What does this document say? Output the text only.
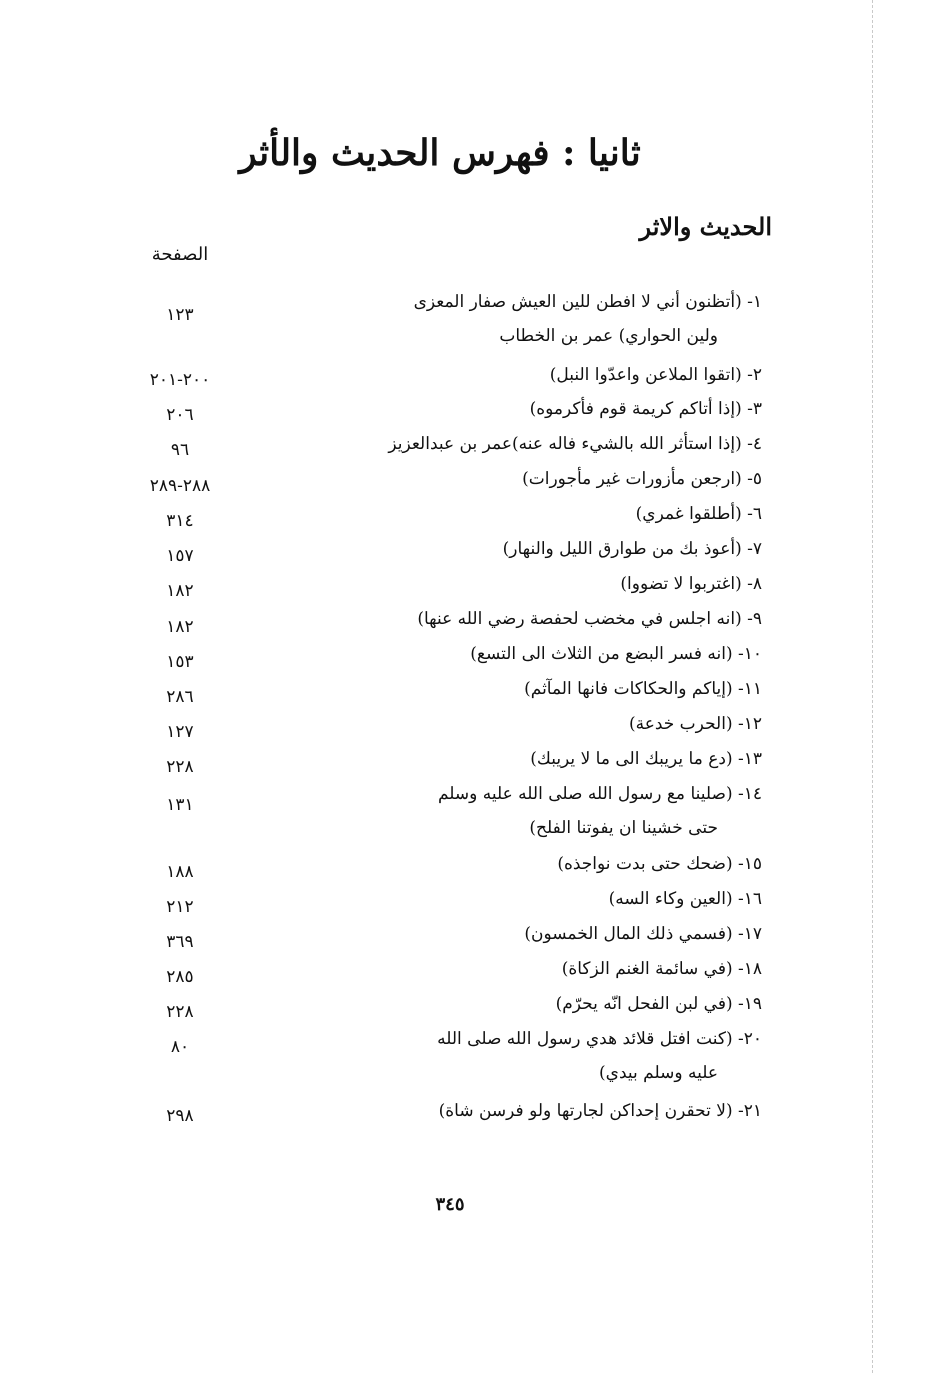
ثانيا : فهرس الحديث والأثر
الحديث والاثر
الصفحة
١- (أتظنون أني لا افطن للين العيش صفار المعزى
ولين الحواري) عمر بن الخطاب
١٢٣
٢- (اتقوا الملاعن واعدّوا النبل)
٢٠٠-٢٠١
٣- (إذا أتاكم كريمة قوم فأكرموه)
٢٠٦
٤- (إذا استأثر الله بالشيء فاله عنه)عمر بن عبدالعزيز
٩٦
٥- (ارجعن مأزورات غير مأجورات)
٢٨٨-٢٨٩
٦- (أطلقوا غمري)
٣١٤
٧- (أعوذ بك من طوارق الليل والنهار)
١٥٧
٨- (اغتربوا لا تضووا)
١٨٢
٩- (انه اجلس في مخضب لحفصة رضي الله عنها)
١٨٢
١٠- (انه فسر البضع من الثلاث الى التسع)
١٥٣
١١- (إياكم والحكاكات فانها المآثم)
٢٨٦
١٢- (الحرب خدعة)
١٢٧
١٣- (دع ما يريبك الى ما لا يريبك)
٢٢٨
١٤- (صلينا مع رسول الله صلى الله عليه وسلم
حتى خشينا ان يفوتنا الفلح)
١٣١
١٥- (ضحك حتى بدت نواجذه)
١٨٨
١٦- (العين وكاء السه)
٢١٢
١٧- (فسمي ذلك المال الخمسون)
٣٦٩
١٨- (في سائمة الغنم الزكاة)
٢٨٥
١٩- (في لبن الفحل انّه يحرّم)
٢٢٨
٢٠- (كنت افتل قلائد هدي رسول الله صلى الله
عليه وسلم بيدي)
٨٠
٢١- (لا تحقرن إحداكن لجارتها ولو فرسن شاة)
٢٩٨
٣٤٥
